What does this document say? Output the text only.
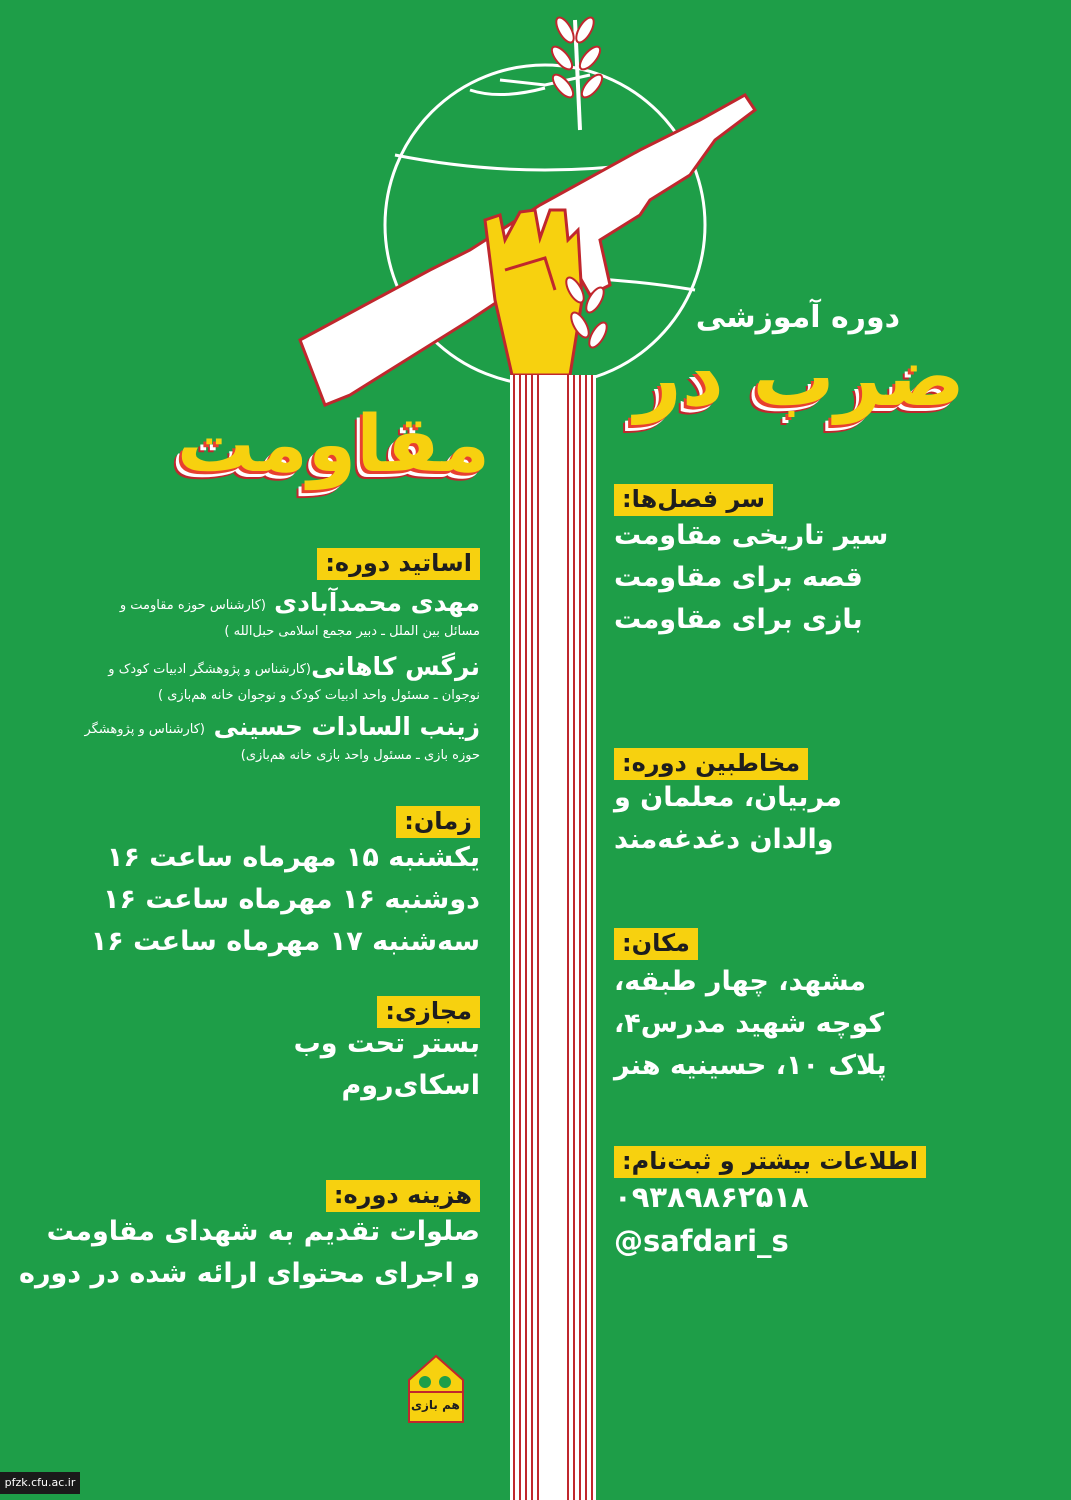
دوره آموزشی
ضرب در
مقاومت
اساتید دوره:
مهدی محمدآبادی
(کارشناس حوزه مقاومت و
مسائل بین الملل ـ دبیر مجمع اسلامی حبل‌الله )
نرگس کاهانی
(کارشناس و پژوهشگر ادبیات کودک و
نوجوان ـ مسئول واحد ادبیات کودک و نوجوان خانه هم‌بازی )
زینب السادات حسینی
(کارشناس و پژوهشگر
حوزه بازی ـ مسئول واحد بازی خانه هم‌بازی)
زمان:
یکشنبه ۱۵ مهرماه ساعت ۱۶
دوشنبه ۱۶ مهرماه ساعت ۱۶
سه‌شنبه ۱۷ مهرماه ساعت ۱۶
مجازی:
بستر تحت وب
اسکای‌روم
هزینه دوره:
صلوات تقدیم به شهدای مقاومت
و اجرای محتوای ارائه شده در دوره
هم بازی
سر فصل‌ها:
سیر تاریخی مقاومت
قصه برای مقاومت
بازی برای مقاومت
مخاطبین دوره:
مربیان، معلمان و
والدان دغدغه‌مند
مکان:
مشهد، چهار طبقه،
کوچه شهید مدرس۴،
پلاک ۱۰، حسینیه هنر
اطلاعات بیشتر و ثبت‌نام:
۰۹۳۸۹۸۶۲۵۱۸
@safdari_s
pfzk.cfu.ac.ir
